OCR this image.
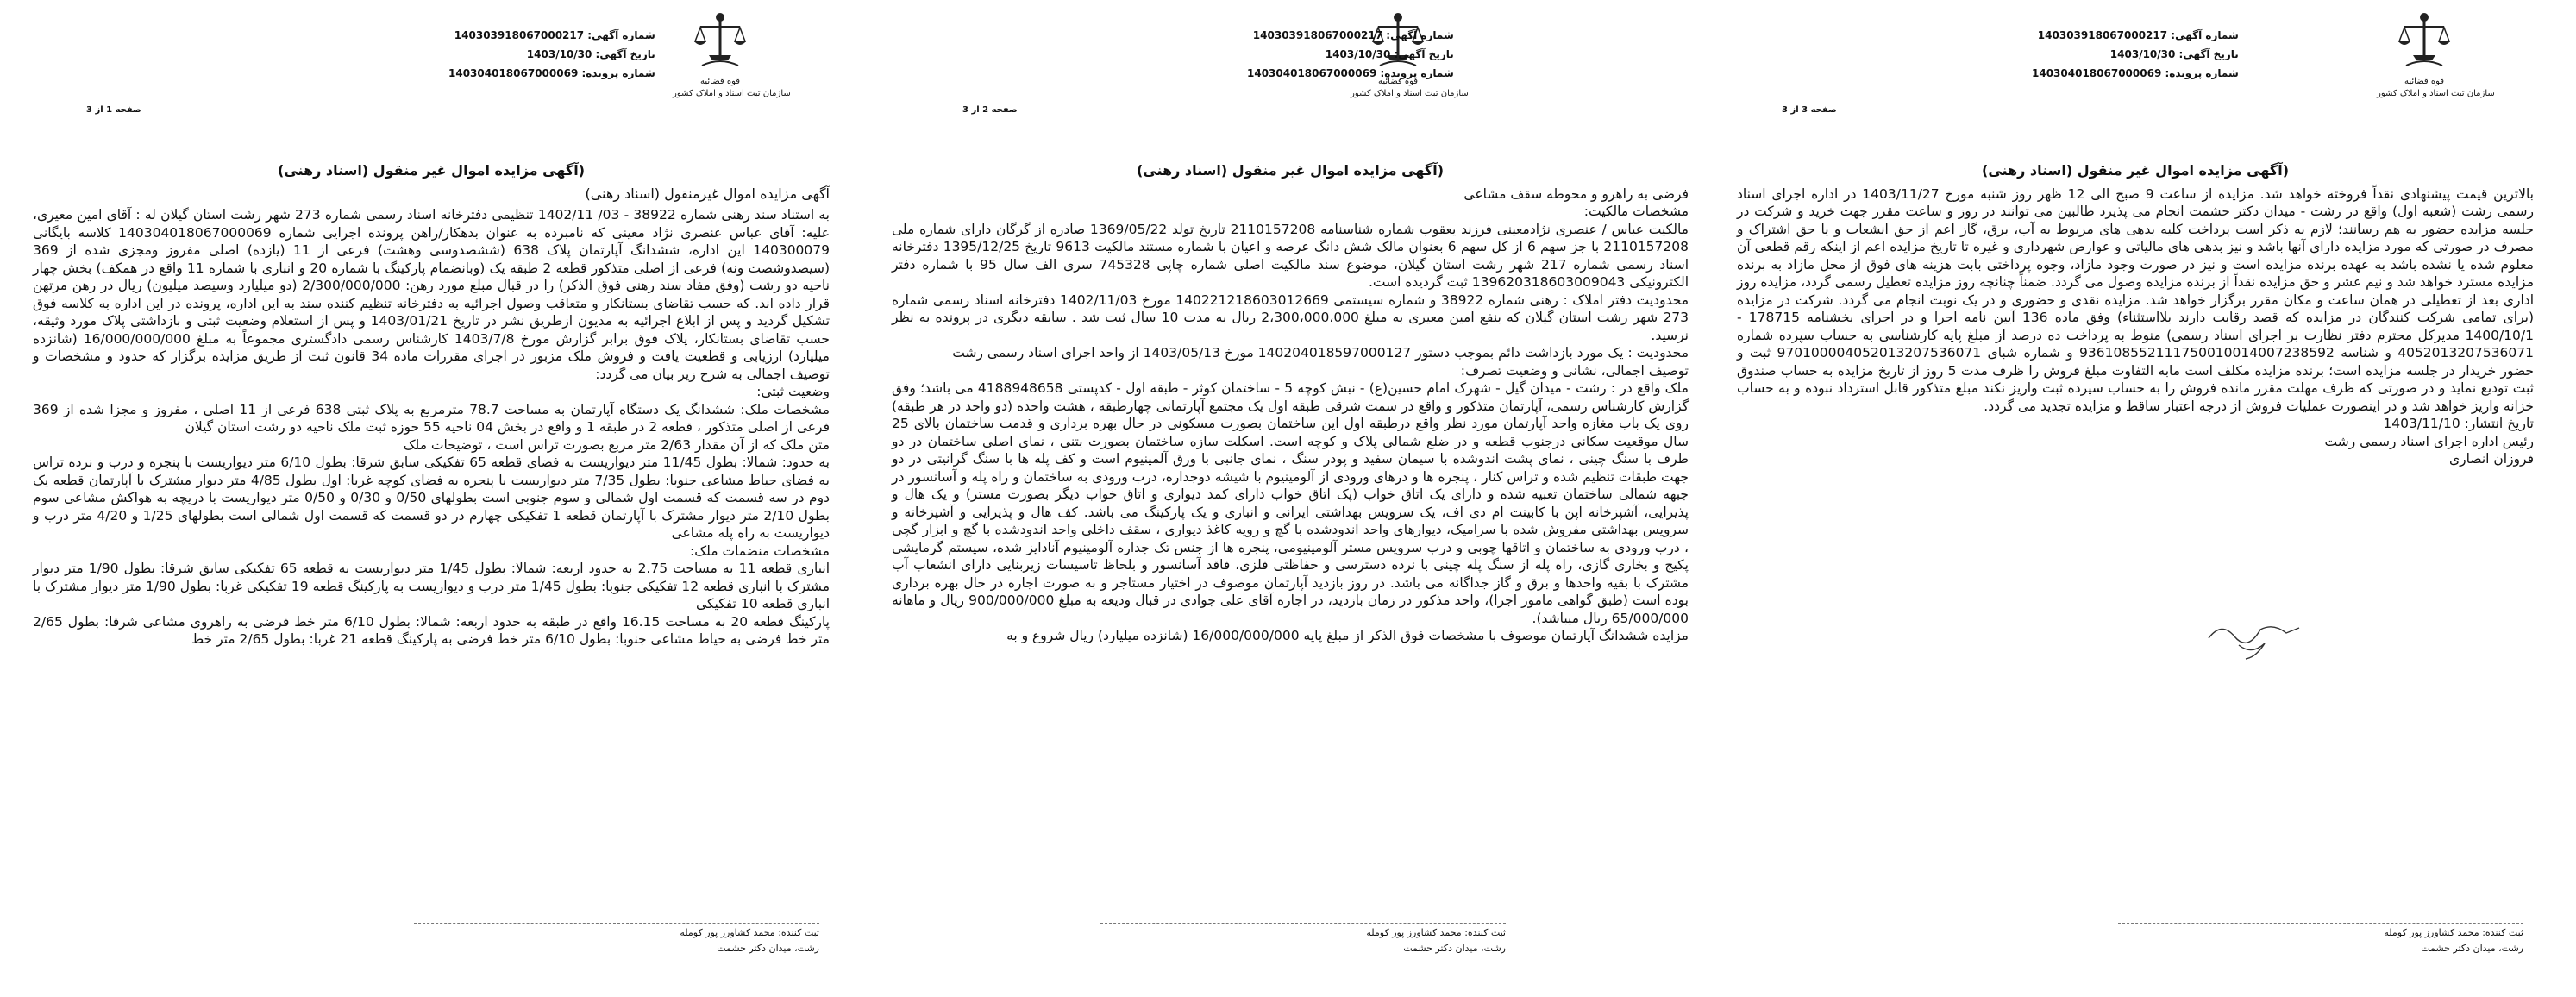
قوه قضائیه
سازمان ثبت اسناد و املاک کشور
شماره آگهی: 140303918067000217
تاریخ آگهی: 1403/10/30
شماره پرونده: 140304018067000069
صفحه 3 از 3
(آگهی مزایده اموال غیر منقول (اسناد رهنی)

بالاترین قیمت پیشنهادی نقداً فروخته خواهد شد. مزایده از ساعت 9 صبح الی 12 ظهر روز شنبه مورخ 1403/11/27 در اداره اجرای اسناد رسمی رشت (شعبه اول) واقع در رشت - میدان دکتر حشمت انجام می پذیرد طالبین می توانند در روز و ساعت مقرر جهت خرید و شرکت در جلسه مزایده حضور به هم رسانند؛ لازم به ذکر است پرداخت کلیه بدهی های مربوط به آب، برق، گاز اعم از حق انشعاب و یا حق اشتراک و مصرف در صورتی که مورد مزایده دارای آنها باشد و نیز بدهی های مالیاتی و عوارض شهرداری و غیره تا تاریخ مزایده اعم از اینکه رقم قطعی آن معلوم شده یا نشده باشد به عهده برنده مزایده است و نیز در صورت وجود مازاد، وجوه پرداختی بابت هزینه های فوق از محل مازاد به برنده مزایده مسترد خواهد شد و نیم عشر و حق مزایده نقداً از برنده مزایده وصول می گردد. ضمناً چنانچه روز مزایده تعطیل رسمی گردد، مزایده روز اداری بعد از تعطیلی در همان ساعت و مکان مقرر برگزار خواهد شد. مزایده نقدی و حضوری و در یک نوبت انجام می گردد. شرکت در مزایده (برای تمامی شرکت کنندگان در مزایده که قصد رقابت دارند بلااستثناء) وفق ماده 136 آیین نامه اجرا و در اجرای بخشنامه 178715 - 1400/10/1 مدیرکل محترم دفتر نظارت بر اجرای اسناد رسمی) منوط به پرداخت ده درصد از مبلغ پایه کارشناسی به حساب سپرده شماره 4052013207536071 و شناسه 936108552111750010014007238592 و شماره شبای 970100004052013207536071 ثبت و حضور خریدار در جلسه مزایده است؛ برنده مزایده مکلف است مابه التفاوت مبلغ فروش را ظرف مدت 5 روز از تاریخ مزایده به حساب صندوق ثبت تودیع نماید و در صورتی که ظرف مهلت مقرر مانده فروش را به حساب سپرده ثبت واریز نکند مبلغ متذکور قابل استرداد نبوده و به حساب خزانه واریز خواهد شد و در اینصورت عملیات فروش از درجه اعتبار ساقط و مزایده تجدید می گردد.

تاریخ انتشار: 1403/11/10

رئیس اداره اجرای اسناد رسمی رشت

فروزان انصاری

ثبت کننده: محمد کشاورز پور کومله
رشت، میدان دکتر حشمت
قوه قضائیه
سازمان ثبت اسناد و املاک کشور
شماره آگهی: 140303918067000217
تاریخ آگهی: 1403/10/30
شماره پرونده: 140304018067000069
صفحه 2 از 3
(آگهی مزایده اموال غیر منقول (اسناد رهنی)

فرضی به راهرو و محوطه سقف مشاعی

مشخصات مالکیت:

مالکیت عباس / عنصری نژادمعینی فرزند یعقوب شماره شناسنامه 2110157208 تاریخ تولد 1369/05/22 صادره از گرگان دارای شماره ملی 2110157208 با جز سهم 6 از کل سهم 6 بعنوان مالک شش دانگ عرصه و اعیان با شماره مستند مالکیت 9613 تاریخ 1395/12/25 دفترخانه اسناد رسمی شماره 217 شهر رشت استان گیلان، موضوع سند مالکیت اصلی شماره چاپی 745328 سری الف سال 95 با شماره دفتر الکترونیکی 139620318603009043 ثبت گردیده است.

محدودیت دفتر املاک : رهنی شماره 38922 و شماره سیستمی 140221218603012669 مورخ 1402/11/03 دفترخانه اسناد رسمی شماره 273 شهر رشت استان گیلان که بنفع امین معیری به مبلغ 2،300،000،000 ریال به مدت 10 سال ثبت شد . سابقه دیگری در پرونده به نظر نرسید.

محدودیت : یک مورد بازداشت دائم بموجب دستور 140204018597000127 مورخ 1403/05/13 از واحد اجرای اسناد رسمی رشت

توصیف اجمالی، نشانی و وضعیت تصرف:

ملک واقع در : رشت - میدان گیل - شهرک امام حسین(ع) - نبش کوچه 5 - ساختمان کوثر - طبقه اول - کدپستی 4188948658 می باشد؛ وفق گزارش کارشناس رسمی، آپارتمان متذکور و واقع در سمت شرقی طبقه اول یک مجتمع آپارتمانی چهارطبقه ، هشت واحده (دو واحد در هر طبقه) روی یک باب مغازه واحد آپارتمان مورد نظر واقع درطبقه اول این ساختمان بصورت مسکونی در حال بهره برداری و قدمت ساختمان بالای 25 سال موقعیت سکانی درجنوب قطعه و در ضلع شمالی پلاک و کوچه است. اسکلت سازه ساختمان بصورت بتنی ، نمای اصلی ساختمان در دو طرف با سنگ چینی ، نمای پشت اندوشده با سیمان سفید و پودر سنگ ، نمای جانبی با ورق آلمینیوم است و کف پله ها با سنگ گرانیتی در دو جهت طبقات تنظیم شده و تراس کنار ، پنجره ها و درهای ورودی از آلومینیوم با شیشه دوجداره، درب ورودی به ساختمان و راه پله و آسانسور در جبهه شمالی ساختمان تعبیه شده و دارای یک اتاق خواب (پک اتاق خواب دارای کمد دیواری و اتاق خواب دیگر بصورت مستر) و یک هال و پذیرایی، آشپزخانه اپن با کابینت ام دی اف، یک سرویس بهداشتی ایرانی و انباری و یک پارکینگ می باشد. کف هال و پذیرایی و آشپزخانه و سرویس بهداشتی مفروش شده با سرامیک، دیوارهای واحد اندودشده با گچ و رویه کاغذ دیواری ، سقف داخلی واحد اندودشده با گچ و ابزار گچی ، درب ورودی به ساختمان و اتاقها چوبی و درب سرویس مستر آلومینیومی، پنجره ها از جنس تک جداره آلومینیوم آنادایز شده، سیستم گرمایشی پکیج و بخاری گازی، راه پله از سنگ پله چینی با نرده دسترسی و حفاظتی فلزی، فاقد آسانسور و بلحاظ تاسیسات زیربنایی دارای انشعاب آب مشترک با بقیه واحدها و برق و گاز جداگانه می باشد. در روز بازدید آپارتمان موصوف در اختیار مستاجر و به صورت اجاره در حال بهره برداری بوده است (طبق گواهی مامور اجرا)، واحد مذکور در زمان بازدید، در اجاره آقای علی جوادی در قبال ودیعه به مبلغ 900/000/000 ریال و ماهانه 65/000/000 ریال میباشد).

مزایده ششدانگ آپارتمان موصوف با مشخصات فوق الذکر از مبلغ پایه 16/000/000/000 (شانزده میلیارد) ریال شروع و به

ثبت کننده: محمد کشاورز پور کومله
رشت، میدان دکتر حشمت
قوه قضائیه
سازمان ثبت اسناد و املاک کشور
شماره آگهی: 140303918067000217
تاریخ آگهی: 1403/10/30
شماره پرونده: 140304018067000069
صفحه 1 از 3
(آگهی مزایده اموال غیر منقول (اسناد رهنی)
آگهی مزایده اموال غیرمنقول (اسناد رهنی)

به استناد سند رهنی شماره 38922 - 03/ 1402/11 تنظیمی دفترخانه اسناد رسمی شماره 273 شهر رشت استان گیلان له : آقای امین معیری، علیه: آقای عباس عنصری نژاد معینی که نامبرده به عنوان بدهکار/راهن پرونده اجرایی شماره 140304018067000069 کلاسه بایگانی 140300079 این اداره، ششدانگ آپارتمان پلاک 638 (ششصدوسی وهشت) فرعی از 11 (یازده) اصلی مفروز ومجزی شده از 369 (سیصدوشصت ونه) فرعی از اصلی متذکور قطعه 2 طبقه یک (وبانضمام پارکینگ با شماره 20 و انباری با شماره 11 واقع در همکف) بخش چهار ناحیه دو رشت (وفق مفاد سند رهنی فوق الذکر) را در قبال مبلغ مورد رهن: 2/300/000/000 (دو میلیارد وسیصد میلیون) ریال در رهن مرتهن قرار داده اند. که حسب تقاضای بستانکار و متعاقب وصول اجرائیه به دفترخانه تنظیم کننده سند به این اداره، پرونده در این اداره به کلاسه فوق تشکیل گردید و پس از ابلاغ اجرائیه به مدیون ازطریق نشر در تاریخ 1403/01/21 و پس از استعلام وضعیت ثبتی و بازداشتی پلاک مورد وثیقه، حسب تقاضای بستانکار، پلاک فوق برابر گزارش مورخ 1403/7/8 کارشناس رسمی دادگستری مجموعاً به مبلغ 16/000/000/000 (شانزده میلیارد) ارزیابی و قطعیت یافت و فروش ملک مزبور در اجرای مقررات ماده 34 قانون ثبت از طریق مزایده برگزار که حدود و مشخصات و توصیف اجمالی به شرح زیر بیان می گردد:

وضعیت ثبتی:

مشخصات ملک: ششدانگ یک دستگاه آپارتمان به مساحت 78.7 مترمربع به پلاک ثبتی 638 فرعی از 11 اصلی ، مفروز و مجزا شده از 369 فرعی از اصلی متذکور ، قطعه 2 در طبقه 1 و واقع در بخش 04 ناحیه 55 حوزه ثبت ملک ناحیه دو رشت استان گیلان

متن ملک که از آن مقدار 2/63 متر مربع بصورت تراس است ، توضیحات ملک

به حدود: شمالا: بطول 11/45 متر دیواریست به فضای قطعه 65 تفکیکی سابق شرقا: بطول 6/10 متر دیواریست با پنجره و درب و نرده تراس به فضای حیاط مشاعی جنوبا: بطول 7/35 متر دیواریست با پنجره به فضای کوچه غربا: اول بطول 4/85 متر دیوار مشترک با آپارتمان قطعه یک دوم در سه قسمت که قسمت اول شمالی و سوم جنوبی است بطولهای 0/50 و 0/30 و 0/50 متر دیواریست با دریچه به هواکش مشاعی سوم بطول 2/10 متر دیوار مشترک با آپارتمان قطعه 1 تفکیکی چهارم در دو قسمت که قسمت اول شمالی است بطولهای 1/25 و 4/20 متر درب و دیواریست به راه پله مشاعی

مشخصات منضمات ملک:

انباری قطعه 11 به مساحت 2.75 به حدود اربعه: شمالا: بطول 1/45 متر دیواریست به قطعه 65 تفکیکی سابق شرقا: بطول 1/90 متر دیوار مشترک با انباری قطعه 12 تفکیکی جنوبا: بطول 1/45 متر درب و دیواریست به پارکینگ قطعه 19 تفکیکی غربا: بطول 1/90 متر دیوار مشترک با انباری قطعه 10 تفکیکی

پارکینگ قطعه 20 به مساحت 16.15 واقع در طبقه به حدود اربعه: شمالا: بطول 6/10 متر خط فرضی به راهروی مشاعی شرقا: بطول 2/65 متر خط فرضی به حیاط مشاعی جنوبا: بطول 6/10 متر خط فرضی به پارکینگ قطعه 21 غربا: بطول 2/65 متر خط

ثبت کننده: محمد کشاورز پور کومله
رشت، میدان دکتر حشمت
